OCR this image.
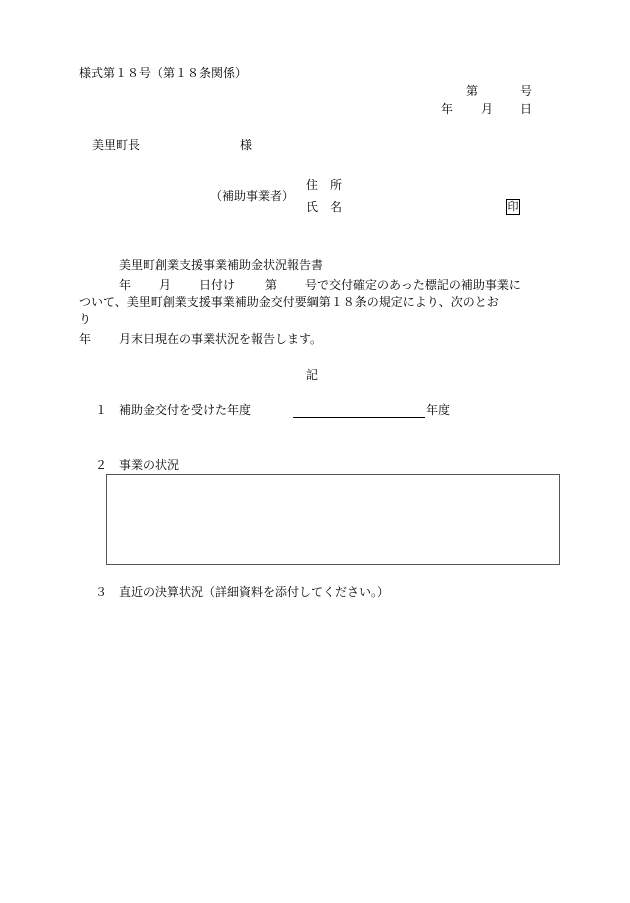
様式第１８号（第１８条関係）
第	号
年 月 日
美里町長	様
住　所
（補助事業者）
氏　名	印
美里町創業支援事業補助金状況報告書
年 月 日付け 第 号で交付確定のあった標記の補助事業に
ついて、美里町創業支援事業補助金交付要綱第１８条の規定により、次のとお
り
年 月末日現在の事業状況を報告します。
記
１ 補助金交付を受けた年度	年度
２ 事業の状況
３ 直近の決算状況（詳細資料を添付してください。）
